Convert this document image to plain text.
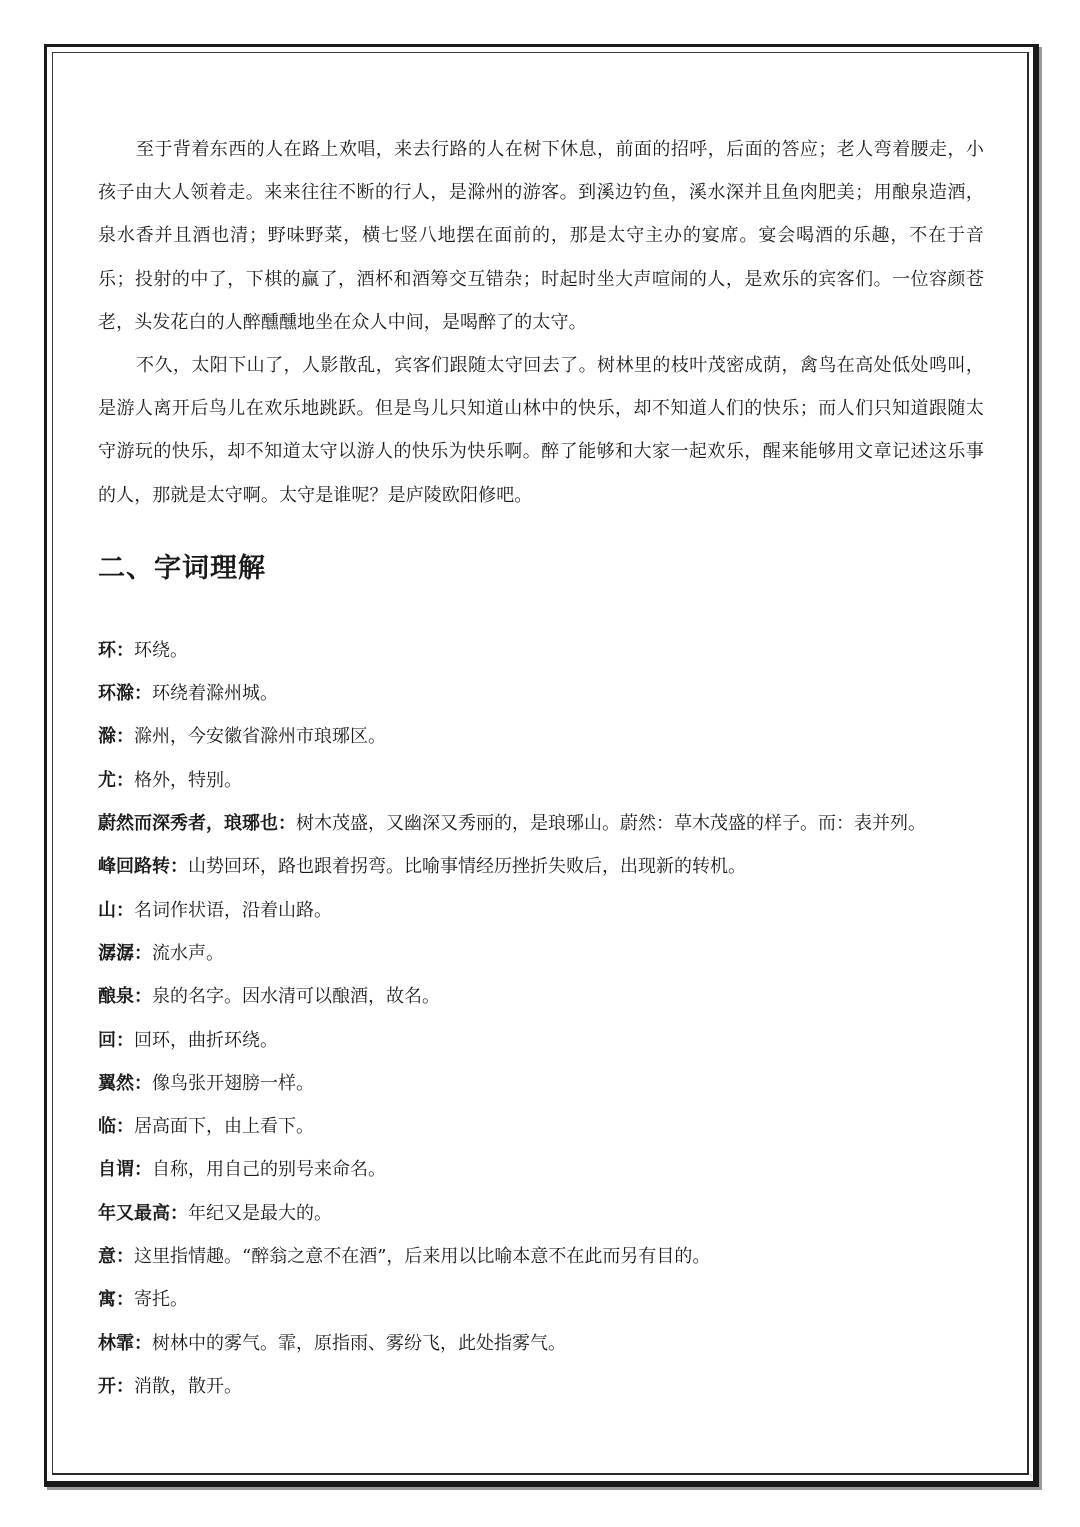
至于背着东西的人在路上欢唱，来去行路的人在树下休息，前面的招呼，后面的答应；老人弯着腰走，小孩子由大人领着走。来来往往不断的行人，是滁州的游客。到溪边钓鱼，溪水深并且鱼肉肥美；用酿泉造酒，泉水香并且酒也清；野味野菜，横七竖八地摆在面前的，那是太守主办的宴席。宴会喝酒的乐趣，不在于音乐；投射的中了，下棋的赢了，酒杯和酒筹交互错杂；时起时坐大声喧闹的人，是欢乐的宾客们。一位容颜苍老，头发花白的人醉醺醺地坐在众人中间，是喝醉了的太守。

不久，太阳下山了，人影散乱，宾客们跟随太守回去了。树林里的枝叶茂密成荫，禽鸟在高处低处鸣叫，是游人离开后鸟儿在欢乐地跳跃。但是鸟儿只知道山林中的快乐，却不知道人们的快乐；而人们只知道跟随太守游玩的快乐，却不知道太守以游人的快乐为快乐啊。醉了能够和大家一起欢乐，醒来能够用文章记述这乐事的人，那就是太守啊。太守是谁呢？是庐陵欧阳修吧。

二、字词理解
环：环绕。
环滁：环绕着滁州城。
滁：滁州，今安徽省滁州市琅琊区。
尤：格外，特别。
蔚然而深秀者，琅琊也：树木茂盛，又幽深又秀丽的，是琅琊山。蔚然：草木茂盛的样子。而：表并列。
峰回路转：山势回环，路也跟着拐弯。比喻事情经历挫折失败后，出现新的转机。
山：名词作状语，沿着山路。
潺潺：流水声。
酿泉：泉的名字。因水清可以酿酒，故名。
回：回环，曲折环绕。
翼然：像鸟张开翅膀一样。
临：居高面下，由上看下。
自谓：自称，用自己的别号来命名。
年又最高：年纪又是最大的。
意：这里指情趣。“醉翁之意不在酒”，后来用以比喻本意不在此而另有目的。
寓：寄托。
林霏：树林中的雾气。霏，原指雨、雾纷飞，此处指雾气。
开：消散，散开。
